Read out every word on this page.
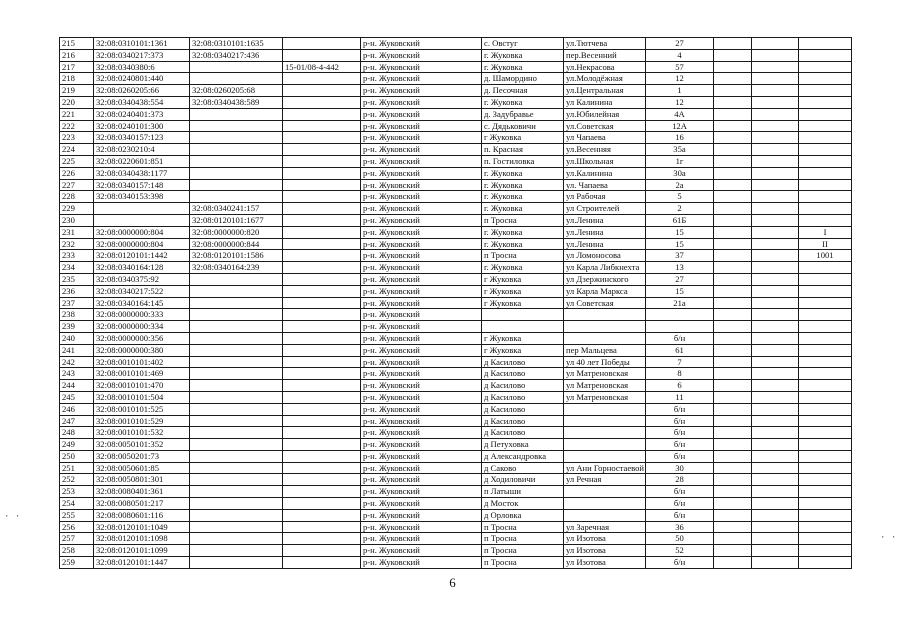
215	32:08:0310101:1361	32:08:0310101:1635		р-н. Жуковский	с. Овстуг	ул.Тютчева	27			
216	32:08:0340217:373	32:08:0340217:436		р-н. Жуковский	г. Жуковка	пер.Весенний	4			
217	32:08:0340380:6		15-01/08-4-442	р-н. Жуковский	г. Жуковка	ул.Некрасова	57			
218	32:08:0240801:440			р-н. Жуковский	д. Шамордино	ул.Молодёжная	12			
219	32:08:0260205:66	32:08:0260205:68		р-н. Жуковский	д. Песочная	ул.Центральная	1			
220	32:08:0340438:554	32:08:0340438:589		р-н. Жуковский	г. Жуковка	ул Калинина	12			
221	32:08:0240401:373			р-н. Жуковский	д. Задубравье	ул.Юбилейная	4А			
222	32:08:0240101:300			р-н. Жуковский	с. Дядьковичи	ул.Советская	12А			
223	32:08:0340157:123			р-н. Жуковский	г Жуковка	ул Чапаева	16			
224	32:08:0230210:4			р-н. Жуковский	п. Красная	ул.Весенняя	35а			
225	32:08:0220601:851			р-н. Жуковский	п. Гостиловка	ул.Школьная	1г			
226	32:08:0340438:1177			р-н. Жуковский	г. Жуковка	ул.Калинина	30а			
227	32:08:0340157:148			р-н. Жуковский	г. Жуковка	ул. Чапаева	2а			
228	32:08:0340153:398			р-н. Жуковский	г. Жуковка	ул Рабочая	5			
229		32:08:0340241:157		р-н. Жуковский	г. Жуковка	ул Строителей	2			
230		32:08:0120101:1677		р-н. Жуковский	п Тросна	ул.Ленина	61Б			
231	32:08:0000000:804	32:08:0000000:820		р-н. Жуковский	г. Жуковка	ул.Ленина	15			I
232	32:08:0000000:804	32:08:0000000:844		р-н. Жуковский	г. Жуковка	ул.Ленина	15			II
233	32:08:0120101:1442	32:08:0120101:1586		р-н. Жуковский	п Тросна	ул Ломоносова	37			1001
234	32:08:0340164:128	32:08:0340164:239		р-н. Жуковский	г. Жуковка	ул Карла Либкнехта	13			
235	32:08:0340375:92			р-н. Жуковский	г Жуковка	ул Дзержинского	27			
236	32:08:0340217:522			р-н. Жуковский	г Жуковка	ул Карла Маркса	15			
237	32:08:0340164:145			р-н. Жуковский	г Жуковка	ул Советская	21а			
238	32:08:0000000:333			р-н. Жуковский						
239	32:08:0000000:334			р-н. Жуковский						
240	32:08:0000000:356			р-н. Жуковский	г Жуковка		б/н			
241	32:08:0000000:380			р-н. Жуковский	г Жуковка	пер Мальцева	61			
242	32:08:0010101:402			р-н. Жуковский	д Касилово	ул 40 лет Победы	7			
243	32:08:0010101:469			р-н. Жуковский	д Касилово	ул Матреновская	8			
244	32:08:0010101:470			р-н. Жуковский	д Касилово	ул Матреновская	6			
245	32:08:0010101:504			р-н. Жуковский	д Касилово	ул Матреновская	11			
246	32:08:0010101:525			р-н. Жуковский	д Касилово		б/н			
247	32:08:0010101:529			р-н. Жуковский	д Касилово		б/н			
248	32:08:0010101:532			р-н. Жуковский	д Касилово		б/н			
249	32:08:0050101:352			р-н. Жуковский	д Петуховка		б/н			
250	32:08:0050201:73			р-н. Жуковский	д Александровка		б/н			
251	32:08:0050601:85			р-н. Жуковский	д Саково	ул Ани Горностаевой	30			
252	32:08:0050801:301			р-н. Жуковский	д Ходиловичи	ул Речная	28			
253	32:08:0080401:361			р-н. Жуковский	п Латыши		б/н			
254	32:08:0080501:217			р-н. Жуковский	д Мосток		б/н			
255	32:08:0080601:116			р-н. Жуковский	д Орловка		б/н			
256	32:08:0120101:1049			р-н. Жуковский	п Тросна	ул Заречная	36			
257	32:08:0120101:1098			р-н. Жуковский	п Тросна	ул Изотова	50			
258	32:08:0120101:1099			р-н. Жуковский	п Тросна	ул Изотова	52			
259	32:08:0120101:1447			р-н. Жуковский	п Тросна	ул Изотова	б/н			
6
· ·
· ·
